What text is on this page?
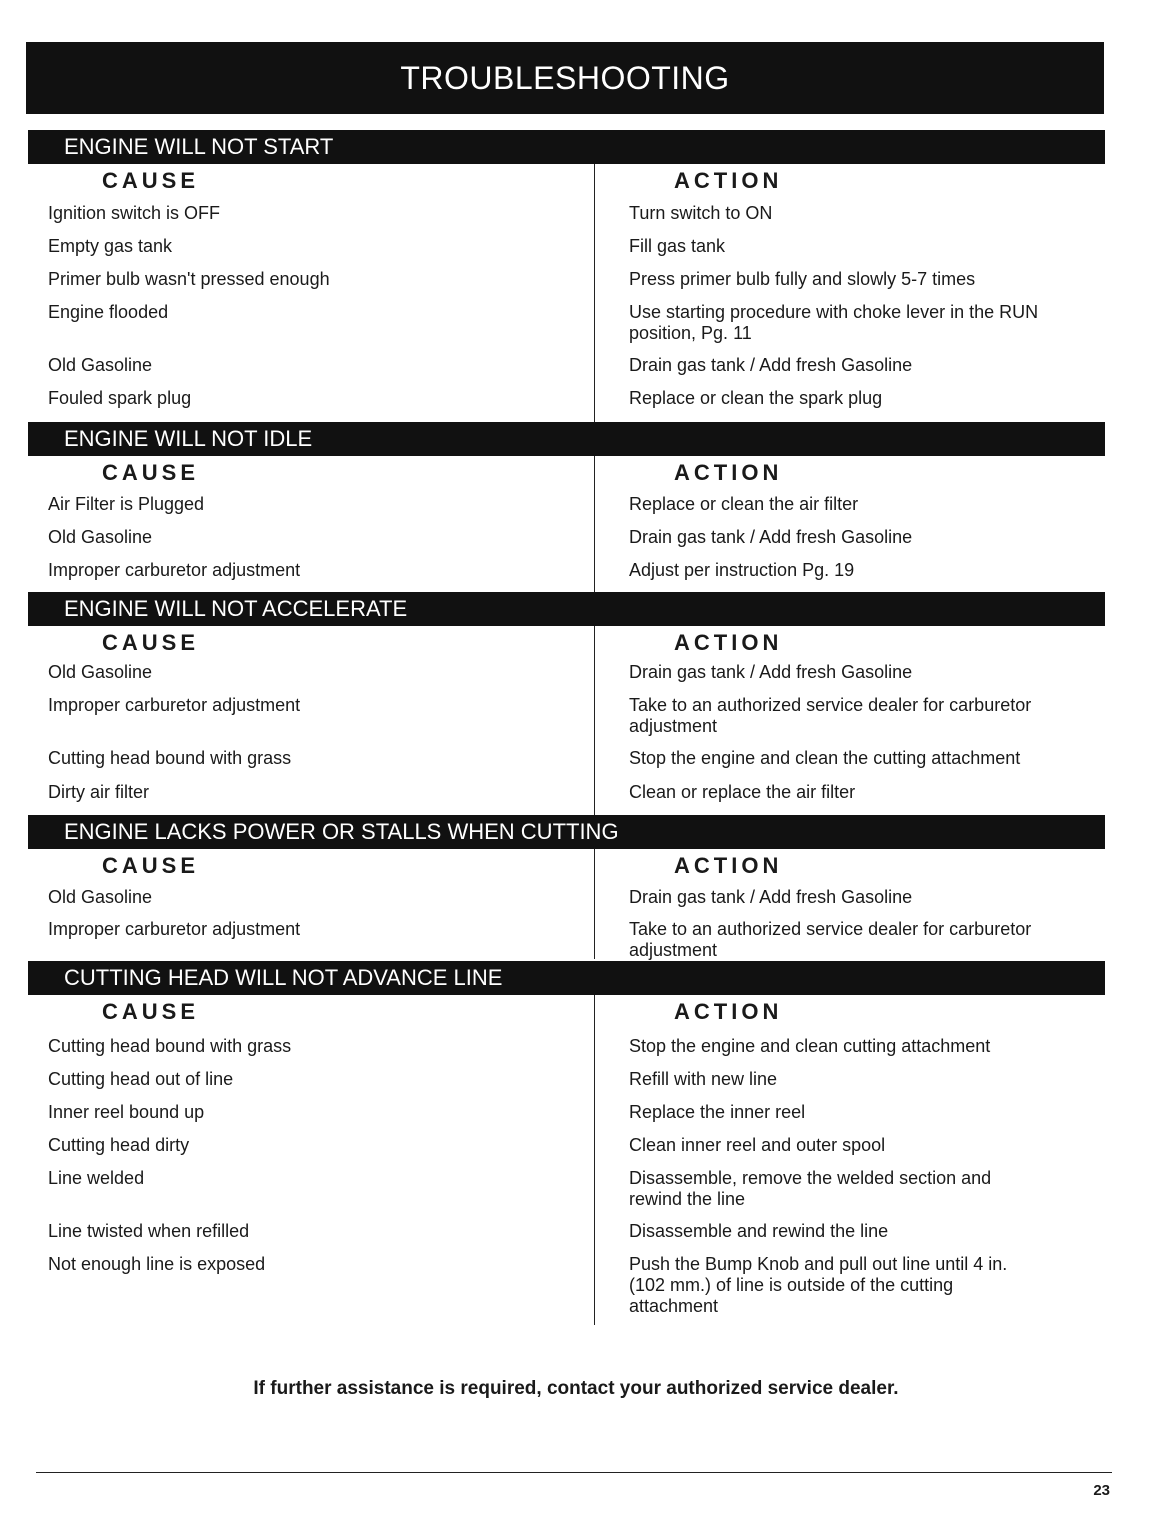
TROUBLESHOOTING
ENGINE WILL NOT START
CAUSE	ACTION
Ignition switch is OFF	Turn switch to ON
Empty gas tank	Fill gas tank
Primer bulb wasn't pressed enough	Press primer bulb fully and slowly 5-7 times
Engine flooded	Use starting procedure with choke lever in the RUN position, Pg. 11
Old Gasoline	Drain gas tank / Add fresh Gasoline
Fouled spark plug	Replace or clean the spark plug
ENGINE WILL NOT IDLE
CAUSE	ACTION
Air Filter is Plugged	Replace or clean the air filter
Old Gasoline	Drain gas tank / Add fresh Gasoline
Improper carburetor adjustment	Adjust per instruction Pg. 19
ENGINE WILL NOT ACCELERATE
CAUSE	ACTION
Old Gasoline	Drain gas tank / Add fresh Gasoline
Improper carburetor adjustment	Take to an authorized service dealer for carburetor adjustment
Cutting head bound with grass	Stop the engine and clean the cutting attachment
Dirty air filter	Clean or replace the air filter
ENGINE LACKS POWER OR STALLS WHEN CUTTING
CAUSE	ACTION
Old Gasoline	Drain gas tank / Add fresh Gasoline
Improper carburetor adjustment	Take to an authorized service dealer for carburetor adjustment
CUTTING HEAD WILL NOT ADVANCE LINE
CAUSE	ACTION
Cutting head bound with grass	Stop the engine and clean cutting attachment
Cutting head out of line	Refill with new line
Inner reel bound up	Replace the inner reel
Cutting head dirty	Clean inner reel and outer spool
Line welded	Disassemble, remove the welded section and rewind the line
Line twisted when refilled	Disassemble and rewind the line
Not enough line is exposed	Push the Bump Knob and pull out line until 4 in. (102 mm.) of line is outside of the cutting attachment
If further assistance is required, contact your authorized service dealer.
23
